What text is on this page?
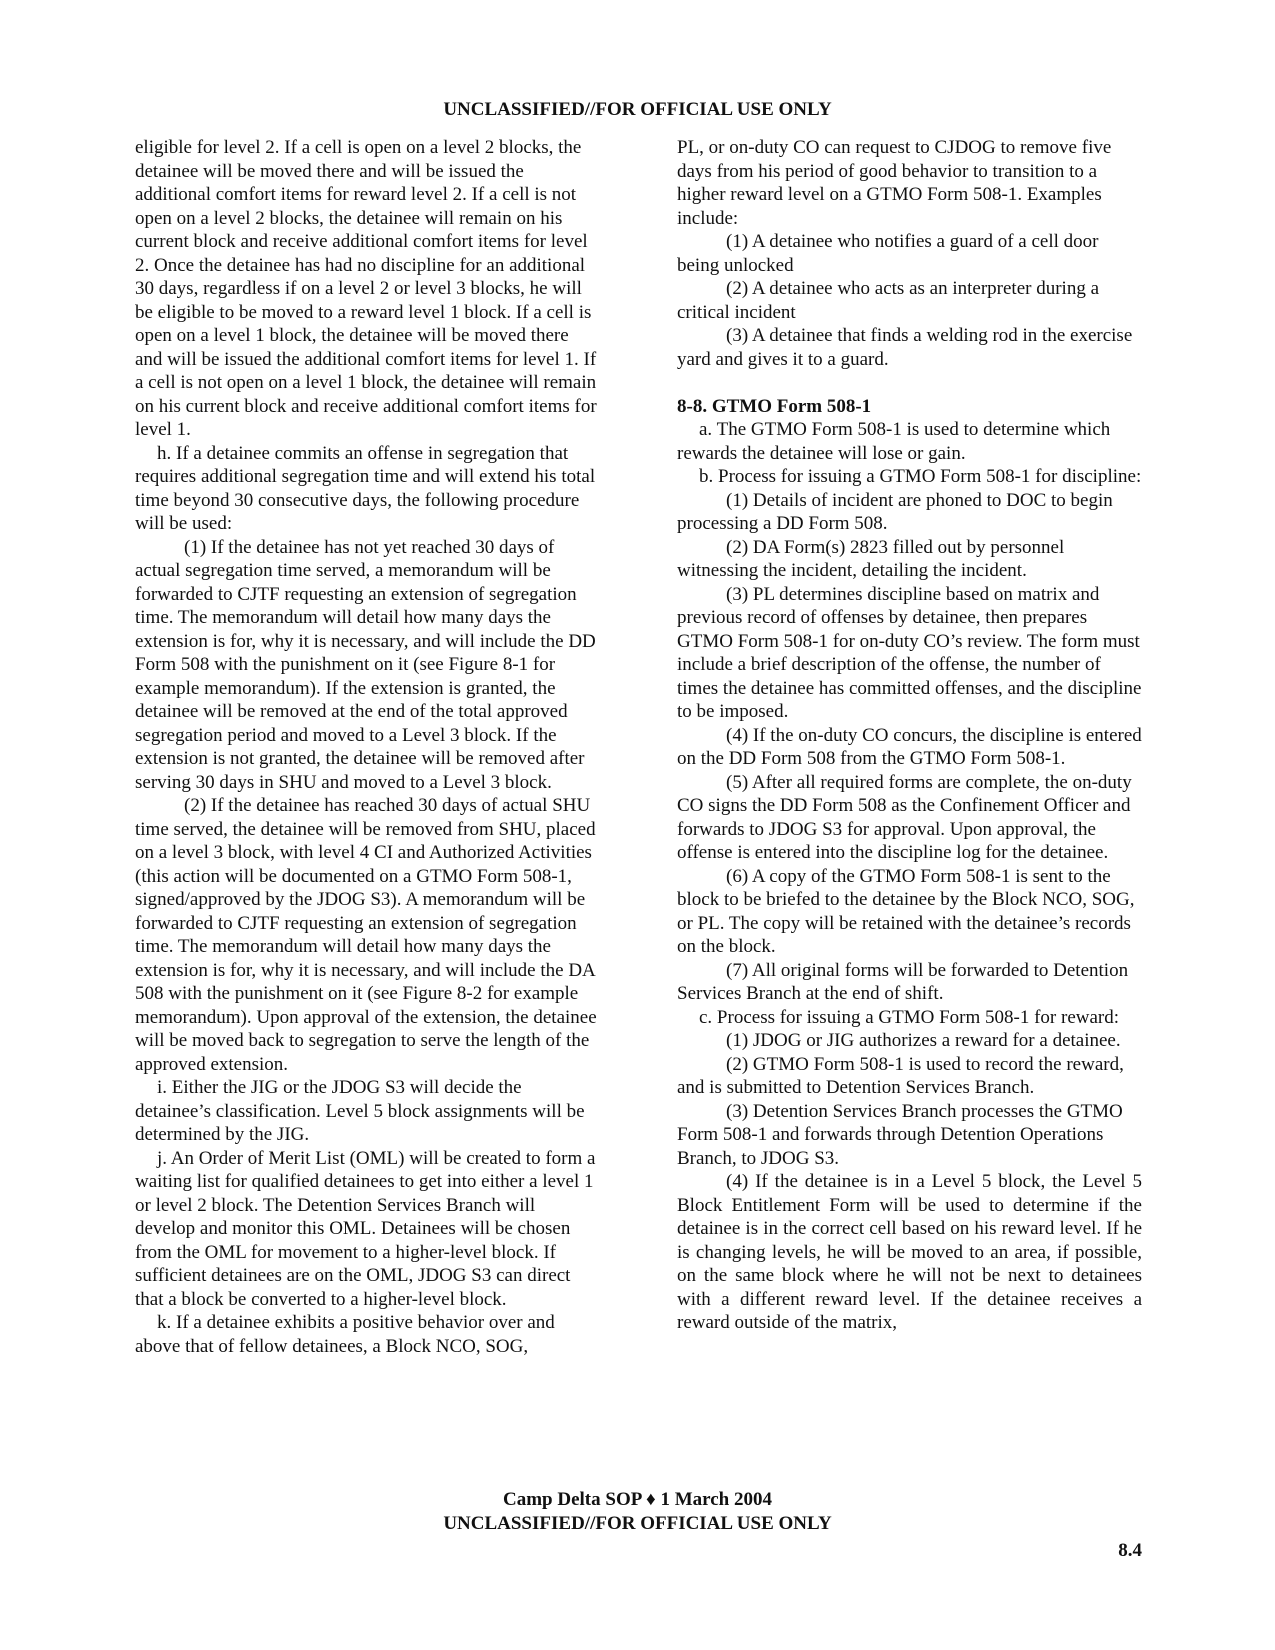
UNCLASSIFIED//FOR OFFICIAL USE ONLY

eligible for level 2. If a cell is open on a level 2 blocks, the detainee will be moved there and will be issued the additional comfort items for reward level 2. If a cell is not open on a level 2 blocks, the detainee will remain on his current block and receive additional comfort items for level 2. Once the detainee has had no discipline for an additional 30 days, regardless if on a level 2 or level 3 blocks, he will be eligible to be moved to a reward level 1 block. If a cell is open on a level 1 block, the detainee will be moved there and will be issued the additional comfort items for level 1. If a cell is not open on a level 1 block, the detainee will remain on his current block and receive additional comfort items for level 1.

h. If a detainee commits an offense in segregation that requires additional segregation time and will extend his total time beyond 30 consecutive days, the following procedure will be used:

(1) If the detainee has not yet reached 30 days of actual segregation time served, a memorandum will be forwarded to CJTF requesting an extension of segregation time. The memorandum will detail how many days the extension is for, why it is necessary, and will include the DD Form 508 with the punishment on it (see Figure 8-1 for example memorandum). If the extension is granted, the detainee will be removed at the end of the total approved segregation period and moved to a Level 3 block. If the extension is not granted, the detainee will be removed after serving 30 days in SHU and moved to a Level 3 block.

(2) If the detainee has reached 30 days of actual SHU time served, the detainee will be removed from SHU, placed on a level 3 block, with level 4 CI and Authorized Activities (this action will be documented on a GTMO Form 508-1, signed/approved by the JDOG S3). A memorandum will be forwarded to CJTF requesting an extension of segregation time. The memorandum will detail how many days the extension is for, why it is necessary, and will include the DA 508 with the punishment on it (see Figure 8-2 for example memorandum). Upon approval of the extension, the detainee will be moved back to segregation to serve the length of the approved extension.

i. Either the JIG or the JDOG S3 will decide the detainee’s classification. Level 5 block assignments will be determined by the JIG.

j. An Order of Merit List (OML) will be created to form a waiting list for qualified detainees to get into either a level 1 or level 2 block. The Detention Services Branch will develop and monitor this OML. Detainees will be chosen from the OML for movement to a higher-level block. If sufficient detainees are on the OML, JDOG S3 can direct that a block be converted to a higher-level block.

k. If a detainee exhibits a positive behavior over and above that of fellow detainees, a Block NCO, SOG,

PL, or on-duty CO can request to CJDOG to remove five days from his period of good behavior to transition to a higher reward level on a GTMO Form 508-1. Examples include:

(1) A detainee who notifies a guard of a cell door being unlocked

(2) A detainee who acts as an interpreter during a critical incident

(3) A detainee that finds a welding rod in the exercise yard and gives it to a guard.

8-8. GTMO Form 508-1

a. The GTMO Form 508-1 is used to determine which rewards the detainee will lose or gain.

b. Process for issuing a GTMO Form 508-1 for discipline:

(1) Details of incident are phoned to DOC to begin processing a DD Form 508.

(2) DA Form(s) 2823 filled out by personnel witnessing the incident, detailing the incident.

(3) PL determines discipline based on matrix and previous record of offenses by detainee, then prepares GTMO Form 508-1 for on-duty CO’s review. The form must include a brief description of the offense, the number of times the detainee has committed offenses, and the discipline to be imposed.

(4) If the on-duty CO concurs, the discipline is entered on the DD Form 508 from the GTMO Form 508-1.

(5) After all required forms are complete, the on-duty CO signs the DD Form 508 as the Confinement Officer and forwards to JDOG S3 for approval. Upon approval, the offense is entered into the discipline log for the detainee.

(6) A copy of the GTMO Form 508-1 is sent to the block to be briefed to the detainee by the Block NCO, SOG, or PL. The copy will be retained with the detainee’s records on the block.

(7) All original forms will be forwarded to Detention Services Branch at the end of shift.

c. Process for issuing a GTMO Form 508-1 for reward:

(1) JDOG or JIG authorizes a reward for a detainee.

(2) GTMO Form 508-1 is used to record the reward, and is submitted to Detention Services Branch.

(3) Detention Services Branch processes the GTMO Form 508-1 and forwards through Detention Operations Branch, to JDOG S3.

(4) If the detainee is in a Level 5 block, the Level 5 Block Entitlement Form will be used to determine if the detainee is in the correct cell based on his reward level. If he is changing levels, he will be moved to an area, if possible, on the same block where he will not be next to detainees with a different reward level. If the detainee receives a reward outside of the matrix,

Camp Delta SOP ♦ 1 March 2004
UNCLASSIFIED//FOR OFFICIAL USE ONLY
8.4
